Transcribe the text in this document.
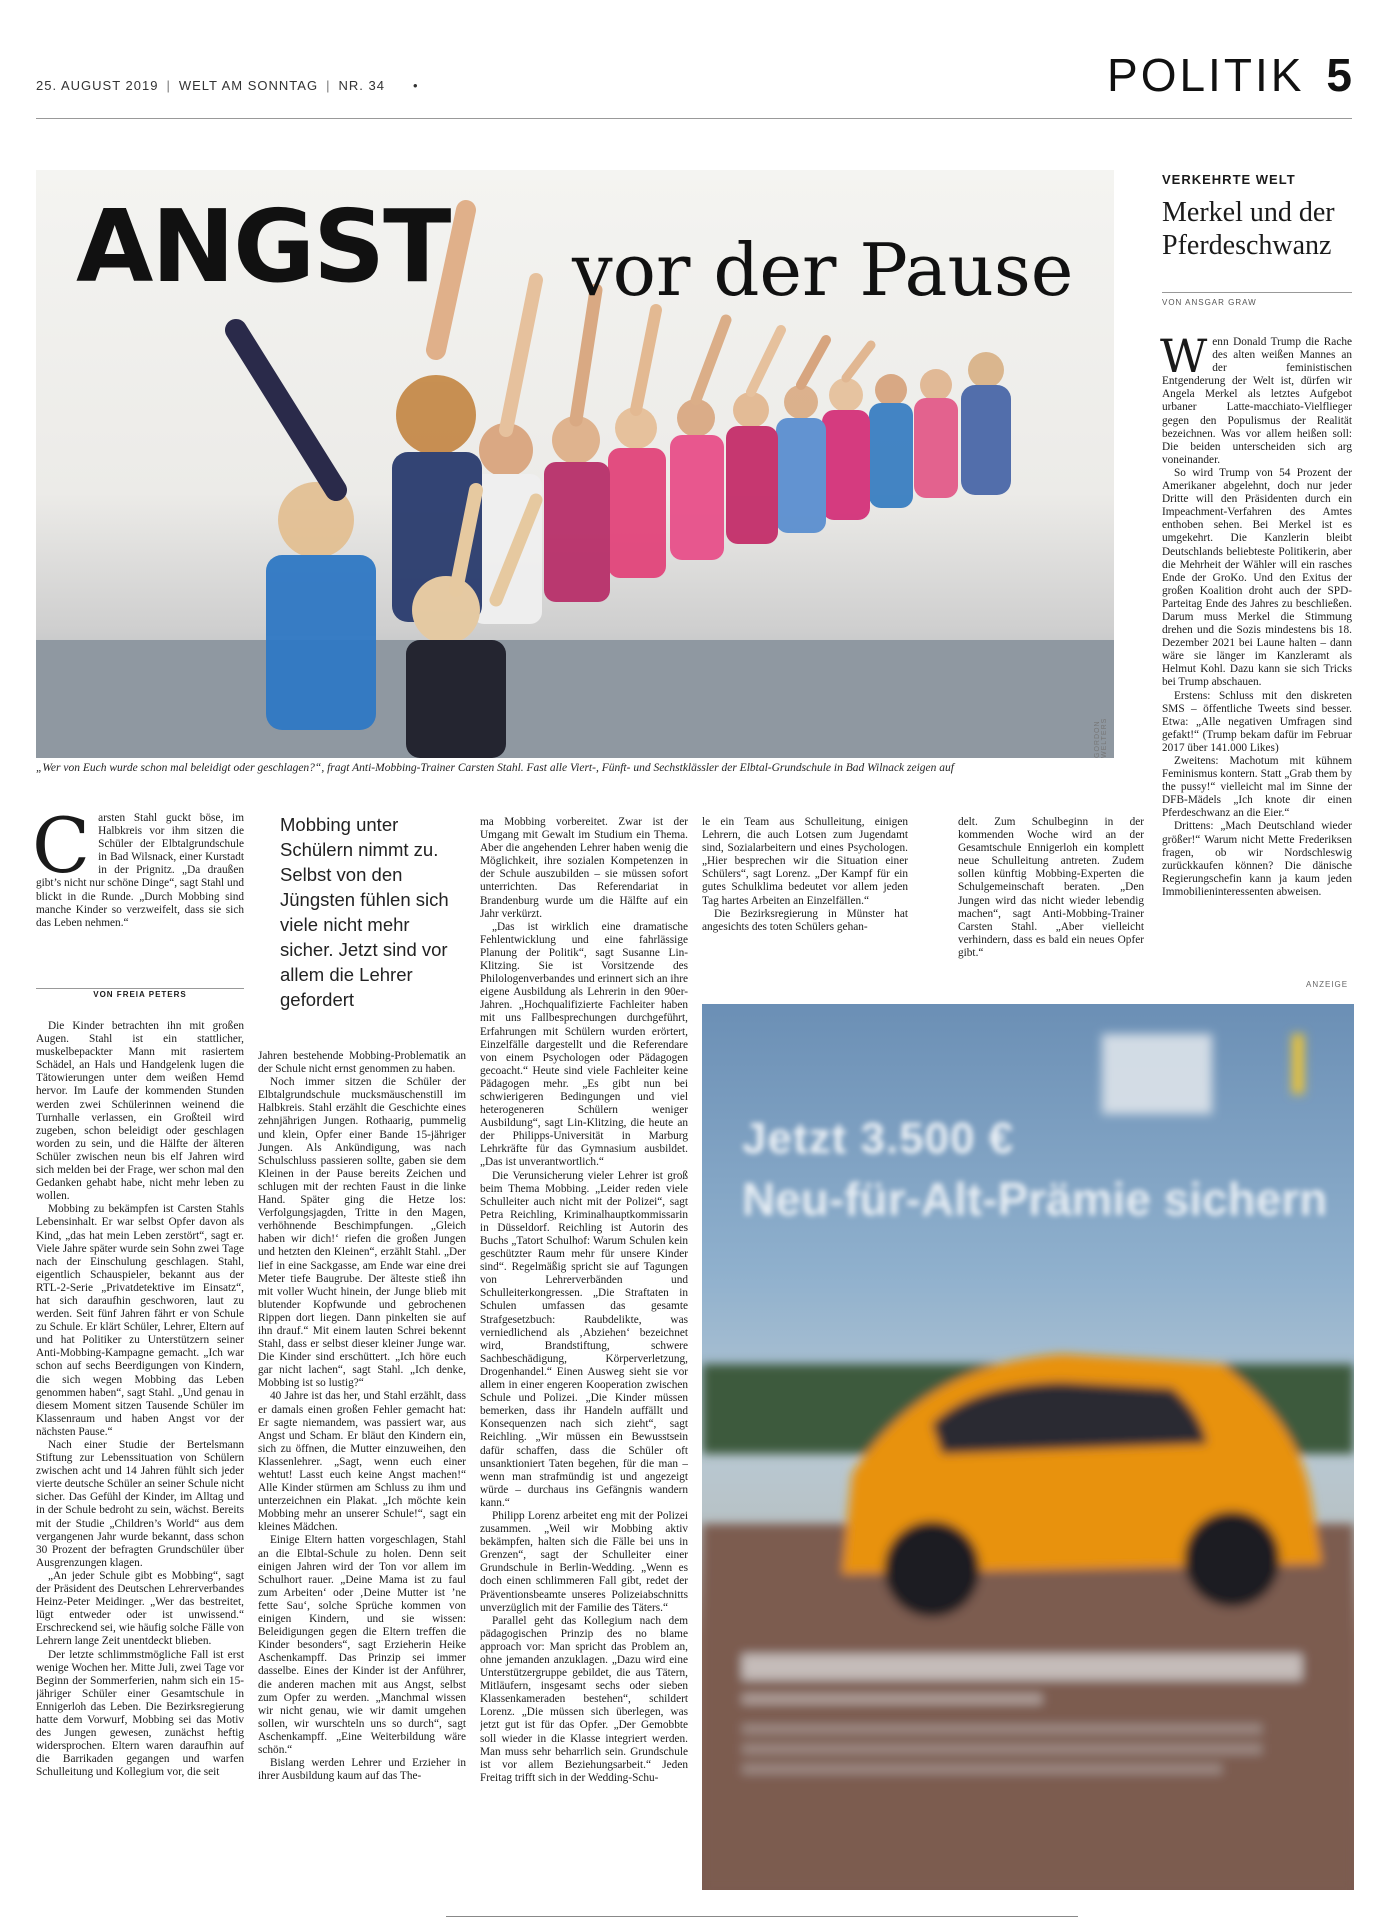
25. AUGUST 2019 | WELT AM SONNTAG | NR. 34 •	POLITIK 5
ANGST vor der Pause
GORDON WELTERS
„Wer von Euch wurde schon mal beleidigt oder geschlagen?“, fragt Anti-Mobbing-Trainer Carsten Stahl. Fast alle Viert-, Fünft- und Sechstklässler der Elbtal-Grundschule in Bad Wilnack zeigen auf
VERKEHRTE WELT
Merkel und der Pferdeschwanz
VON ANSGAR GRAW

Wenn Donald Trump die Rache des alten weißen Mannes an der feministischen Entgenderung der Welt ist, dürfen wir Angela Merkel als letztes Aufgebot urbaner Latte-macchiato-Vielflieger gegen den Populismus der Realität bezeichnen. Was vor allem heißen soll: Die beiden unterscheiden sich arg voneinander.

So wird Trump von 54 Prozent der Amerikaner abgelehnt, doch nur jeder Dritte will den Präsidenten durch ein Impeachment-Verfahren des Amtes enthoben sehen. Bei Merkel ist es umgekehrt. Die Kanzlerin bleibt Deutschlands beliebteste Politikerin, aber die Mehrheit der Wähler will ein rasches Ende der GroKo. Und den Exitus der großen Koalition droht auch der SPD-Parteitag Ende des Jahres zu beschließen. Darum muss Merkel die Stimmung drehen und die Sozis mindestens bis 18. Dezember 2021 bei Laune halten – dann wäre sie länger im Kanzleramt als Helmut Kohl. Dazu kann sie sich Tricks bei Trump abschauen.

Erstens: Schluss mit den diskreten SMS – öffentliche Tweets sind besser. Etwa: „Alle negativen Umfragen sind gefakt!“ (Trump bekam dafür im Februar 2017 über 141.000 Likes)

Zweitens: Machotum mit kühnem Feminismus kontern. Statt „Grab them by the pussy!“ vielleicht mal im Sinne der DFB-Mädels „Ich knote dir einen Pferdeschwanz an die Eier.“

Drittens: „Mach Deutschland wieder größer!“ Warum nicht Mette Frederiksen fragen, ob wir Nordschleswig zurückkaufen können? Die dänische Regierungschefin kann ja kaum jeden Immobilieninteressenten abweisen.

Carsten Stahl guckt böse, im Halbkreis vor ihm sitzen die Schüler der Elbtalgrundschule in Bad Wilsnack, einer Kurstadt in der Prignitz. „Da draußen gibt’s nicht nur schöne Dinge“, sagt Stahl und blickt in die Runde. „Durch Mobbing sind manche Kinder so verzweifelt, dass sie sich das Leben nehmen.“

VON FREIA PETERS

Die Kinder betrachten ihn mit großen Augen. Stahl ist ein stattlicher, muskelbepackter Mann mit rasiertem Schädel, an Hals und Handgelenk lugen die Tätowierungen unter dem weißen Hemd hervor. Im Laufe der kommenden Stunden werden zwei Schülerinnen weinend die Turnhalle verlassen, ein Großteil wird zugeben, schon beleidigt oder geschlagen worden zu sein, und die Hälfte der älteren Schüler zwischen neun bis elf Jahren wird sich melden bei der Frage, wer schon mal den Gedanken gehabt habe, nicht mehr leben zu wollen.

Mobbing zu bekämpfen ist Carsten Stahls Lebensinhalt. Er war selbst Opfer davon als Kind, „das hat mein Leben zerstört“, sagt er. Viele Jahre später wurde sein Sohn zwei Tage nach der Einschulung geschlagen. Stahl, eigentlich Schauspieler, bekannt aus der RTL-2-Serie „Privatdetektive im Einsatz“, hat sich daraufhin geschworen, laut zu werden. Seit fünf Jahren fährt er von Schule zu Schule. Er klärt Schüler, Lehrer, Eltern auf und hat Politiker zu Unterstützern seiner Anti-Mobbing-Kampagne gemacht. „Ich war schon auf sechs Beerdigungen von Kindern, die sich wegen Mobbing das Leben genommen haben“, sagt Stahl. „Und genau in diesem Moment sitzen Tausende Schüler im Klassenraum und haben Angst vor der nächsten Pause.“

Nach einer Studie der Bertelsmann Stiftung zur Lebenssituation von Schülern zwischen acht und 14 Jahren fühlt sich jeder vierte deutsche Schüler an seiner Schule nicht sicher. Das Gefühl der Kinder, im Alltag und in der Schule bedroht zu sein, wächst. Bereits mit der Studie „Children’s World“ aus dem vergangenen Jahr wurde bekannt, dass schon 30 Prozent der befragten Grundschüler über Ausgrenzungen klagen.

„An jeder Schule gibt es Mobbing“, sagt der Präsident des Deutschen Lehrerverbandes Heinz-Peter Meidinger. „Wer das bestreitet, lügt entweder oder ist unwissend.“ Erschreckend sei, wie häufig solche Fälle von Lehrern lange Zeit unentdeckt blieben.

Der letzte schlimmstmögliche Fall ist erst wenige Wochen her. Mitte Juli, zwei Tage vor Beginn der Sommerferien, nahm sich ein 15-jähriger Schüler einer Gesamtschule in Ennigerloh das Leben. Die Bezirksregierung hatte dem Vorwurf, Mobbing sei das Motiv des Jungen gewesen, zunächst heftig widersprochen. Eltern waren daraufhin auf die Barrikaden gegangen und warfen Schulleitung und Kollegium vor, die seit

Mobbing unter Schülern nimmt zu. Selbst von den Jüngsten fühlen sich viele nicht mehr sicher. Jetzt sind vor allem die Lehrer gefordert

Jahren bestehende Mobbing-Problematik an der Schule nicht ernst genommen zu haben.

Noch immer sitzen die Schüler der Elbtalgrundschule mucksmäuschenstill im Halbkreis. Stahl erzählt die Geschichte eines zehnjährigen Jungen. Rothaarig, pummelig und klein, Opfer einer Bande 15-jähriger Jungen. Als Ankündigung, was nach Schulschluss passieren sollte, gaben sie dem Kleinen in der Pause bereits Zeichen und schlugen mit der rechten Faust in die linke Hand. Später ging die Hetze los: Verfolgungsjagden, Tritte in den Magen, verhöhnende Beschimpfungen. „Gleich haben wir dich!‘ riefen die großen Jungen und hetzten den Kleinen“, erzählt Stahl. „Der lief in eine Sackgasse, am Ende war eine drei Meter tiefe Baugrube. Der älteste stieß ihn mit voller Wucht hinein, der Junge blieb mit blutender Kopfwunde und gebrochenen Rippen dort liegen. Dann pinkelten sie auf ihn drauf.“ Mit einem lauten Schrei bekennt Stahl, dass er selbst dieser kleiner Junge war. Die Kinder sind erschüttert. „Ich höre euch gar nicht lachen“, sagt Stahl. „Ich denke, Mobbing ist so lustig?“

40 Jahre ist das her, und Stahl erzählt, dass er damals einen großen Fehler gemacht hat: Er sagte niemandem, was passiert war, aus Angst und Scham. Er bläut den Kindern ein, sich zu öffnen, die Mutter einzuweihen, den Klassenlehrer. „Sagt, wenn euch einer wehtut! Lasst euch keine Angst machen!“ Alle Kinder stürmen am Schluss zu ihm und unterzeichnen ein Plakat. „Ich möchte kein Mobbing mehr an unserer Schule!“, sagt ein kleines Mädchen.

Einige Eltern hatten vorgeschlagen, Stahl an die Elbtal-Schule zu holen. Denn seit einigen Jahren wird der Ton vor allem im Schulhort rauer. „Deine Mama ist zu faul zum Arbeiten‘ oder ‚Deine Mutter ist ’ne fette Sau‘, solche Sprüche kommen von einigen Kindern, und sie wissen: Beleidigungen gegen die Eltern treffen die Kinder besonders“, sagt Erzieherin Heike Aschenkampff. Das Prinzip sei immer dasselbe. Eines der Kinder ist der Anführer, die anderen machen mit aus Angst, selbst zum Opfer zu werden. „Manchmal wissen wir nicht genau, wie wir damit umgehen sollen, wir wurschteln uns so durch“, sagt Aschenkampff. „Eine Weiterbildung wäre schön.“

Bislang werden Lehrer und Erzieher in ihrer Ausbildung kaum auf das The-

ma Mobbing vorbereitet. Zwar ist der Umgang mit Gewalt im Studium ein Thema. Aber die angehenden Lehrer haben wenig die Möglichkeit, ihre sozialen Kompetenzen in der Schule auszubilden – sie müssen sofort unterrichten. Das Referendariat in Brandenburg wurde um die Hälfte auf ein Jahr verkürzt.

„Das ist wirklich eine dramatische Fehlentwicklung und eine fahrlässige Planung der Politik“, sagt Susanne Lin-Klitzing. Sie ist Vorsitzende des Philologenverbandes und erinnert sich an ihre eigene Ausbildung als Lehrerin in den 90er-Jahren. „Hochqualifizierte Fachleiter haben mit uns Fallbesprechungen durchgeführt, Erfahrungen mit Schülern wurden erörtert, Einzelfälle dargestellt und die Referendare von einem Psychologen oder Pädagogen gecoacht.“ Heute sind viele Fachleiter keine Pädagogen mehr. „Es gibt nun bei schwierigeren Bedingungen und viel heterogeneren Schülern weniger Ausbildung“, sagt Lin-Klitzing, die heute an der Philipps-Universität in Marburg Lehrkräfte für das Gymnasium ausbildet. „Das ist unverantwortlich.“

Die Verunsicherung vieler Lehrer ist groß beim Thema Mobbing. „Leider reden viele Schulleiter auch nicht mit der Polizei“, sagt Petra Reichling, Kriminalhauptkommissarin in Düsseldorf. Reichling ist Autorin des Buchs „Tatort Schulhof: Warum Schulen kein geschützter Raum mehr für unsere Kinder sind“. Regelmäßig spricht sie auf Tagungen von Lehrerverbänden und Schulleiterkongressen. „Die Straftaten in Schulen umfassen das gesamte Strafgesetzbuch: Raubdelikte, was verniedlichend als ‚Abziehen‘ bezeichnet wird, Brandstiftung, schwere Sachbeschädigung, Körperverletzung, Drogenhandel.“ Einen Ausweg sieht sie vor allem in einer engeren Kooperation zwischen Schule und Polizei. „Die Kinder müssen bemerken, dass ihr Handeln auffällt und Konsequenzen nach sich zieht“, sagt Reichling. „Wir müssen ein Bewusstsein dafür schaffen, dass die Schüler oft unsanktioniert Taten begehen, für die man – wenn man strafmündig ist und angezeigt würde – durchaus ins Gefängnis wandern kann.“

Philipp Lorenz arbeitet eng mit der Polizei zusammen. „Weil wir Mobbing aktiv bekämpfen, halten sich die Fälle bei uns in Grenzen“, sagt der Schulleiter einer Grundschule in Berlin-Wedding. „Wenn es doch einen schlimmeren Fall gibt, redet der Präventionsbeamte unseres Polizeiabschnitts unverzüglich mit der Familie des Täters.“

Parallel geht das Kollegium nach dem pädagogischen Prinzip des no blame approach vor: Man spricht das Problem an, ohne jemanden anzuklagen. „Dazu wird eine Unterstützergruppe gebildet, die aus Tätern, Mitläufern, insgesamt sechs oder sieben Klassenkameraden bestehen“, schildert Lorenz. „Die müssen sich überlegen, was jetzt gut ist für das Opfer. „Der Gemobbte soll wieder in die Klasse integriert werden. Man muss sehr beharrlich sein. Grundschule ist vor allem Beziehungsarbeit.“ Jeden Freitag trifft sich in der Wedding-Schu-

le ein Team aus Schulleitung, einigen Lehrern, die auch Lotsen zum Jugendamt sind, Sozialarbeitern und eines Psychologen. „Hier besprechen wir die Situation einer Schülers“, sagt Lorenz. „Der Kampf für ein gutes Schulklima bedeutet vor allem jeden Tag hartes Arbeiten an Einzelfällen.“

Die Bezirksregierung in Münster hat angesichts des toten Schülers gehan-

delt. Zum Schulbeginn in der kommenden Woche wird an der Gesamtschule Ennigerloh ein komplett neue Schulleitung antreten. Zudem sollen künftig Mobbing-Experten die Schulgemeinschaft beraten. „Den Jungen wird das nicht wieder lebendig machen“, sagt Anti-Mobbing-Trainer Carsten Stahl. „Aber vielleicht verhindern, dass es bald ein neues Opfer gibt.“

ANZEIGE
Jetzt 3.500 €
Neu-für-Alt-Prämie sichern
